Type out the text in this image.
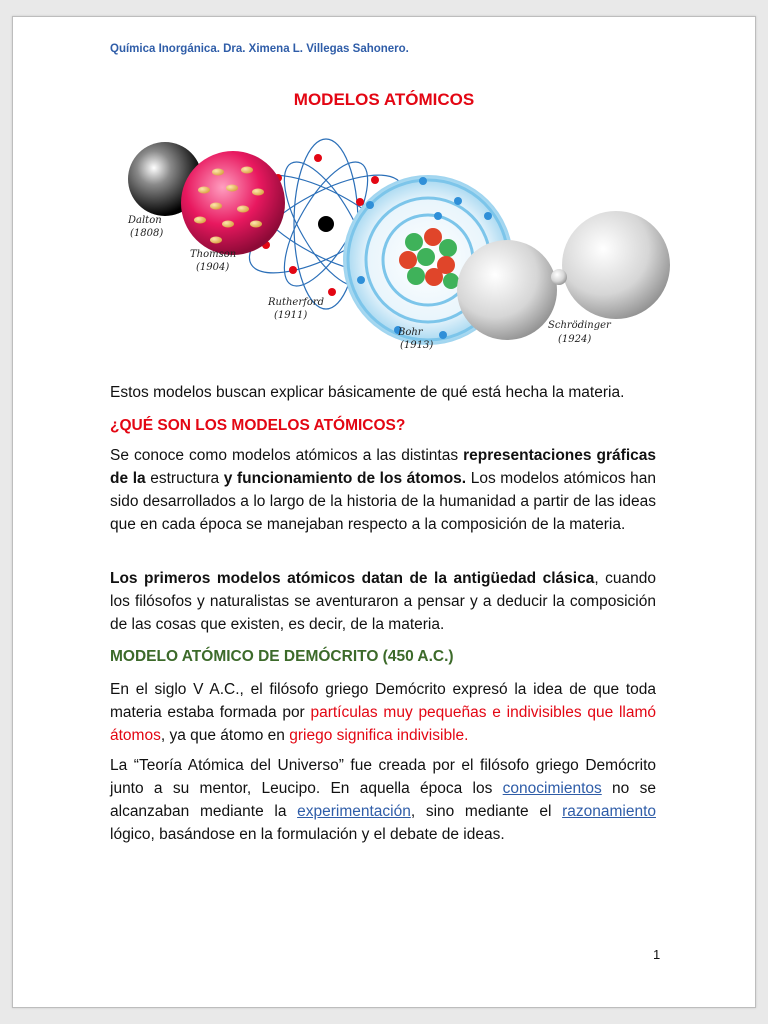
Química Inorgánica. Dra. Ximena L. Villegas Sahonero.
MODELOS ATÓMICOS
Dalton
(1808)
Rutherford
(1911)
Thomson
(1904)
Bohr
(1913)
Schrödinger
(1924)
Estos modelos buscan explicar básicamente de qué está hecha la materia.
¿QUÉ SON LOS MODELOS ATÓMICOS?
Se conoce como modelos atómicos a las distintas representaciones gráficas de la estructura y funcionamiento de los átomos. Los modelos atómicos han sido desarrollados a lo largo de la historia de la humanidad a partir de las ideas que en cada época se manejaban respecto a la composición de la materia.
Los primeros modelos atómicos datan de la antigüedad clásica, cuando los filósofos y naturalistas se aventuraron a pensar y a deducir la composición de las cosas que existen, es decir, de la materia.
MODELO ATÓMICO DE DEMÓCRITO (450 A.C.)
En el siglo V A.C., el filósofo griego Demócrito expresó la idea de que toda materia estaba formada por partículas muy pequeñas e indivisibles que llamó átomos, ya que átomo en griego significa indivisible.
La “Teoría Atómica del Universo” fue creada por el filósofo griego Demócrito junto a su mentor, Leucipo. En aquella época los conocimientos no se alcanzaban mediante la experimentación, sino mediante el razonamiento lógico, basándose en la formulación y el debate de ideas.
1
